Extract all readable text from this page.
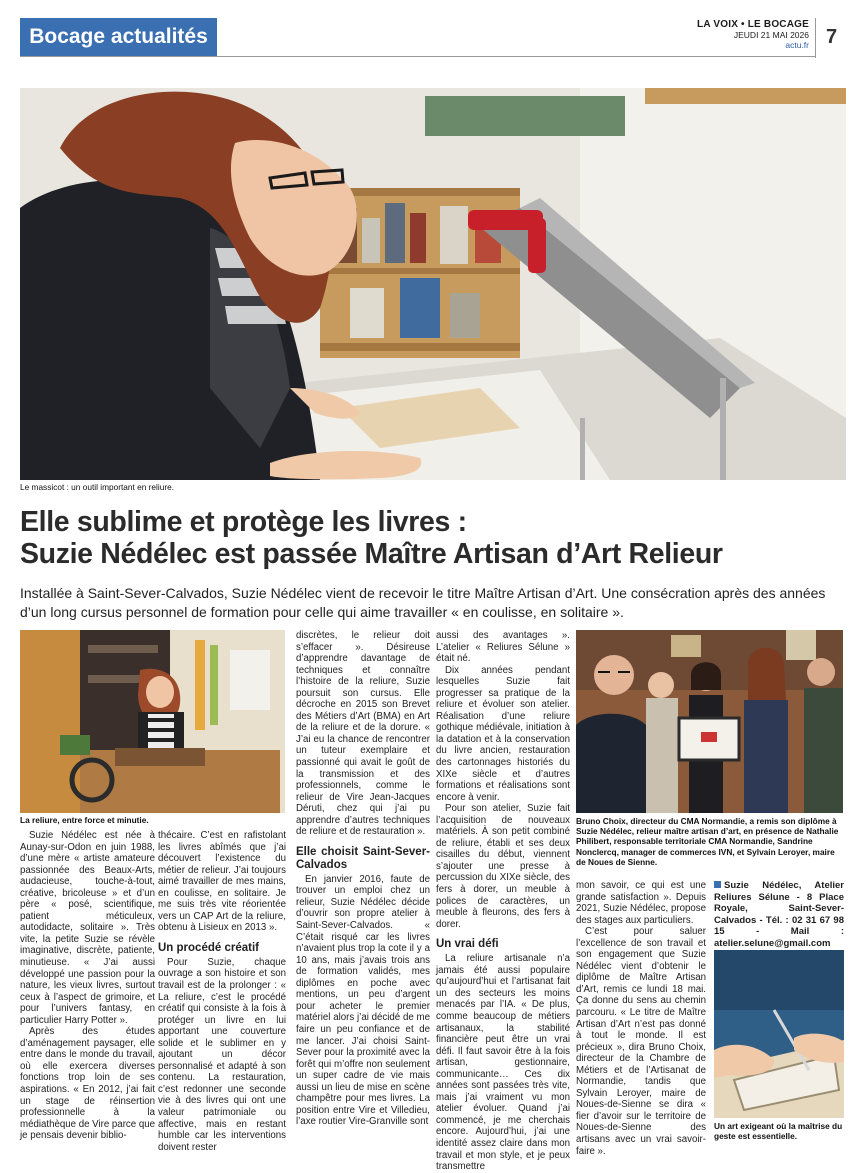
Bocage actualités
LA VOIX • LE BOCAGE
JEUDI 21 MAI 2026
actu.fr 7
Le massicot : un outil important en reliure.
Elle sublime et protège les livres :
Suzie Nédélec est passée Maître Artisan d’Art Relieur

Installée à Saint-Sever-Calvados, Suzie Nédélec vient de recevoir le titre Maître Artisan d’Art. Une consécration après des années d’un long cursus personnel de formation pour celle qui aime travailler « en coulisse, en solitaire ».

La reliure, entre force et minutie.	Bruno Choix, directeur du CMA Normandie, a remis son diplôme à Suzie Nédélec, relieur maître artisan d’art, en présence de Nathalie Philibert, responsable territoriale CMA Normandie, Sandrine Nonclercq, manager de commerces IVN, et Sylvain Leroyer, maire de Noues de Sienne.

Suzie Nédélec est née à Aunay-sur-Odon en juin 1988, d’une mère « artiste amateure passionnée des Beaux-Arts, audacieuse, touche-à-tout, créative, bricoleuse » et d’un père « posé, scientifique, patient méticuleux, autodidacte, solitaire ». Très vite, la petite Suzie se révèle imaginative, discrète, patiente, minutieuse. « J’ai aussi développé une passion pour la nature, les vieux livres, surtout ceux à l’aspect de grimoire, et pour l’univers fantasy, en particulier Harry Potter ».

Après des études d’aménagement paysager, elle entre dans le monde du travail, où elle exercera diverses fonctions trop loin de ses aspirations. « En 2012, j’ai fait un stage de réinsertion professionnelle à la médiathèque de Vire parce que je pensais devenir biblio-

thécaire. C’est en rafistolant les livres abîmés que j’ai découvert l’existence du métier de relieur. J’ai toujours aimé travailler de mes mains, en coulisse, en solitaire. Je me suis très vite réorientée vers un CAP Art de la reliure, obtenu à Lisieux en 2013 ».

Un procédé créatif

Pour Suzie, chaque ouvrage a son histoire et son travail est de la prolonger : « La reliure, c’est le procédé créatif qui consiste à la fois à protéger un livre en lui apportant une couverture solide et le sublimer en y ajoutant un décor personnalisé et adapté à son contenu. La restauration, c’est redonner une seconde vie à des livres qui ont une valeur patrimoniale ou affective, mais en restant humble car les interventions doivent rester

discrètes, le relieur doit s’effacer ». Désireuse d’apprendre davantage de techniques et connaître l’histoire de la reliure, Suzie poursuit son cursus. Elle décroche en 2015 son Brevet des Métiers d’Art (BMA) en Art de la reliure et de la dorure. « J’ai eu la chance de rencontrer un tuteur exemplaire et passionné qui avait le goût de la transmission et des professionnels, comme le relieur de Vire Jean-Jacques Déruti, chez qui j’ai pu apprendre d’autres techniques de reliure et de restauration ».

Elle choisit Saint-Sever-Calvados

En janvier 2016, faute de trouver un emploi chez un relieur, Suzie Nédélec décide d’ouvrir son propre atelier à Saint-Sever-Calvados. « C’était risqué car les livres n’avaient plus trop la cote il y a 10 ans, mais j’avais trois ans de formation validés, mes diplômes en poche avec mentions, un peu d’argent pour acheter le premier matériel alors j’ai décidé de me faire un peu confiance et de me lancer. J’ai choisi Saint-Sever pour la proximité avec la forêt qui m’offre non seulement un super cadre de vie mais aussi un lieu de mise en scène champêtre pour mes livres. La position entre Vire et Villedieu, l’axe routier Vire-Granville sont

aussi des avantages ». L’atelier « Reliures Sélune » était né.

Dix années pendant lesquelles Suzie fait progresser sa pratique de la reliure et évoluer son atelier. Réalisation d’une reliure gothique médiévale, initiation à la datation et à la conservation du livre ancien, restauration des cartonnages historiés du XIXe siècle et d’autres formations et réalisations sont encore à venir.

Pour son atelier, Suzie fait l’acquisition de nouveaux matériels. À son petit combiné de reliure, établi et ses deux cisailles du début, viennent s’ajouter une presse à percussion du XIXe siècle, des fers à dorer, un meuble à polices de caractères, un meuble à fleurons, des fers à dorer.

Un vrai défi

La reliure artisanale n’a jamais été aussi populaire qu’aujourd’hui et l’artisanat fait un des secteurs les moins menacés par l’IA. « De plus, comme beaucoup de métiers artisanaux, la stabilité financière peut être un vrai défi. Il faut savoir être à la fois artisan, gestionnaire, communicante… Ces dix années sont passées très vite, mais j’ai vraiment vu mon atelier évoluer. Quand j’ai commencé, je me cherchais encore. Aujourd’hui, j’ai une identité assez claire dans mon travail et mon style, et je peux transmettre

mon savoir, ce qui est une grande satisfaction ». Depuis 2021, Suzie Nédélec, propose des stages aux particuliers.

C’est pour saluer l’excellence de son travail et son engagement que Suzie Nédélec vient d’obtenir le diplôme de Maître Artisan d’Art, remis ce lundi 18 mai. Ça donne du sens au chemin parcouru. « Le titre de Maître Artisan d’Art n’est pas donné à tout le monde. Il est précieux », dira Bruno Choix, directeur de la Chambre de Métiers et de l’Artisanat de Normandie, tandis que Sylvain Leroyer, maire de Noues-de-Sienne se dira « fier d’avoir sur le territoire de Noues-de-Sienne des artisans avec un vrai savoir-faire ».

Suzie Nédélec, Atelier Reliures Sélune - 8 Place Royale, Saint-Sever-Calvados - Tél. : 02 31 67 98 15 - Mail : atelier.selune@gmail.com

Un art exigeant où la maîtrise du geste est essentielle.
